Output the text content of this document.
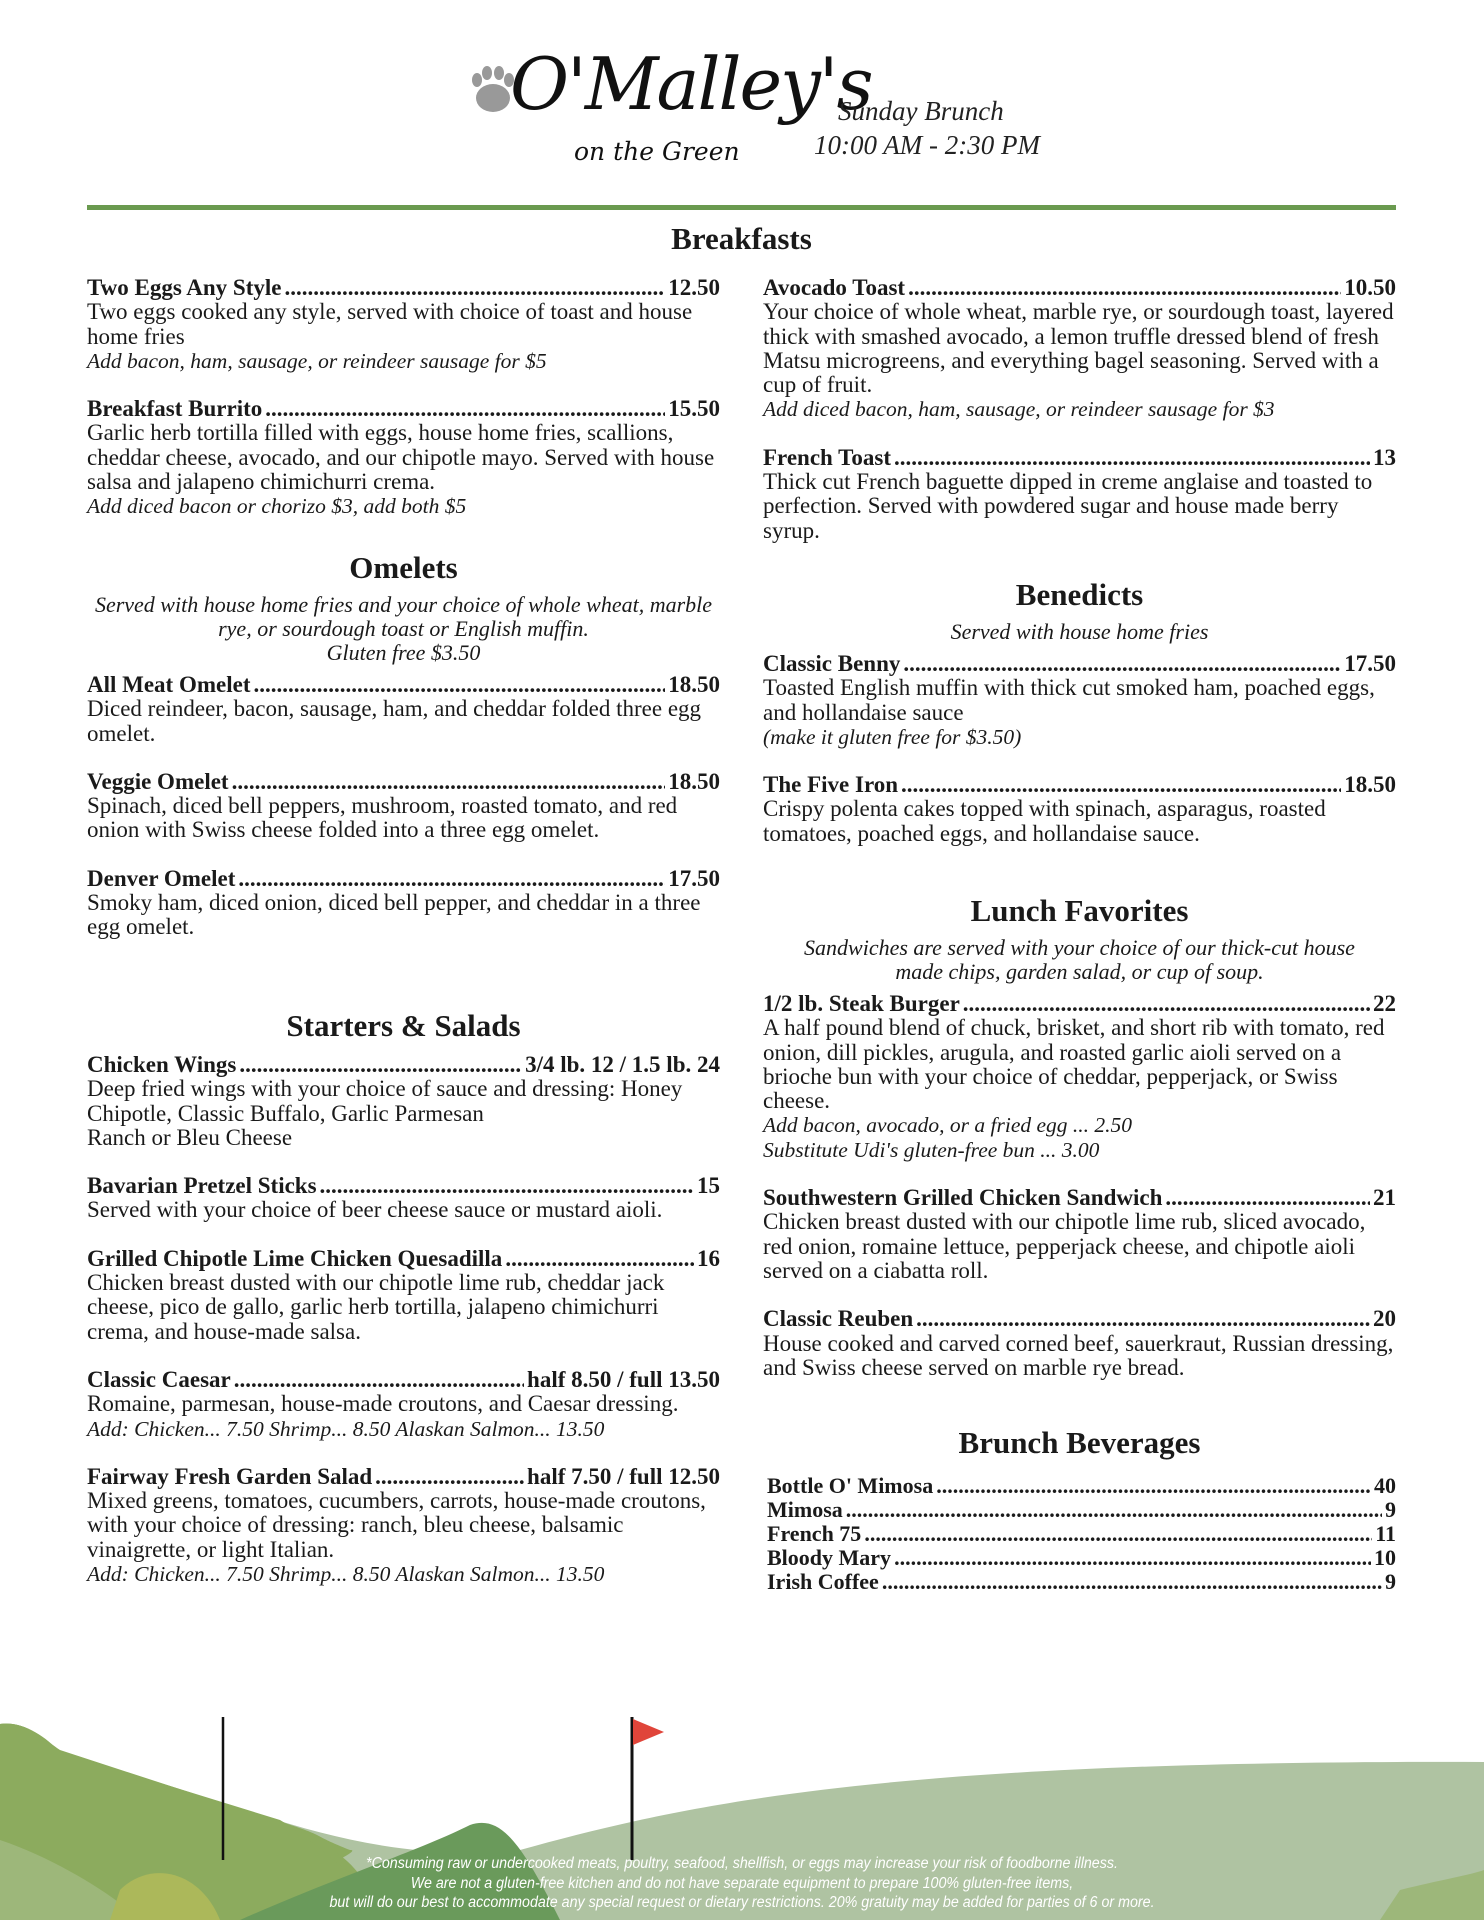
O'Malley's
on the Green
Sunday Brunch
10:00 AM - 2:30 PM
Breakfasts
Two Eggs Any Style .....	12.50
Two eggs cooked any style, served with choice of toast and house home fries
Add bacon, ham, sausage, or reindeer sausage for $5
Breakfast Burrito .....	15.50
Garlic herb tortilla filled with eggs, house home fries, scallions, cheddar cheese, avocado, and our chipotle mayo. Served with house salsa and jalapeno chimichurri crema.
Add diced bacon or chorizo $3, add both $5
Avocado Toast .....	10.50
Your choice of whole wheat, marble rye, or sourdough toast, layered thick with smashed avocado, a lemon truffle dressed blend of fresh Matsu microgreens, and everything bagel seasoning. Served with a cup of fruit.
Add diced bacon, ham, sausage, or reindeer sausage for $3
French Toast .....	13
Thick cut French baguette dipped in creme anglaise and toasted to perfection. Served with powdered sugar and house made berry syrup.
Omelets
Served with house home fries and your choice of whole wheat, marble rye, or sourdough toast or English muffin.
Gluten free $3.50
All Meat Omelet .....	18.50
Diced reindeer, bacon, sausage, ham, and cheddar folded three egg omelet.
Veggie Omelet .....	18.50
Spinach, diced bell peppers, mushroom, roasted tomato, and red onion with Swiss cheese folded into a three egg omelet.
Denver Omelet .....	17.50
Smoky ham, diced onion, diced bell pepper, and cheddar in a three egg omelet.
Starters & Salads
Chicken Wings .....	3/4 lb. 12 / 1.5 lb. 24
Deep fried wings with your choice of sauce and dressing: Honey Chipotle, Classic Buffalo, Garlic Parmesan
Ranch or Bleu Cheese
Bavarian Pretzel Sticks .....	15
Served with your choice of beer cheese sauce or mustard aioli.
Grilled Chipotle Lime Chicken Quesadilla .....	16
Chicken breast dusted with our chipotle lime rub, cheddar jack cheese, pico de gallo, garlic herb tortilla, jalapeno chimichurri crema, and house-made salsa.
Classic Caesar .....	half 8.50 / full 13.50
Romaine, parmesan, house-made croutons, and Caesar dressing.
Add: Chicken... 7.50 Shrimp... 8.50 Alaskan Salmon... 13.50
Fairway Fresh Garden Salad .....	half 7.50 / full 12.50
Mixed greens, tomatoes, cucumbers, carrots, house-made croutons, with your choice of dressing: ranch, bleu cheese, balsamic vinaigrette, or light Italian.
Add: Chicken... 7.50 Shrimp... 8.50 Alaskan Salmon... 13.50
Benedicts
Served with house home fries
Classic Benny .....	17.50
Toasted English muffin with thick cut smoked ham, poached eggs, and hollandaise sauce
(make it gluten free for $3.50)
The Five Iron .....	18.50
Crispy polenta cakes topped with spinach, asparagus, roasted tomatoes, poached eggs, and hollandaise sauce.
Lunch Favorites
Sandwiches are served with your choice of our thick-cut house made chips, garden salad, or cup of soup.
1/2 lb. Steak Burger .....	22
A half pound blend of chuck, brisket, and short rib with tomato, red onion, dill pickles, arugula, and roasted garlic aioli served on a brioche bun with your choice of cheddar, pepperjack, or Swiss cheese.
Add bacon, avocado, or a fried egg ... 2.50
Substitute Udi's gluten-free bun ... 3.00
Southwestern Grilled Chicken Sandwich .....	21
Chicken breast dusted with our chipotle lime rub, sliced avocado, red onion, romaine lettuce, pepperjack cheese, and chipotle aioli served on a ciabatta roll.
Classic Reuben .....	20
House cooked and carved corned beef, sauerkraut, Russian dressing, and Swiss cheese served on marble rye bread.
Brunch Beverages
Bottle O' Mimosa .....	40
Mimosa .....	9
French 75 .....	11
Bloody Mary .....	10
Irish Coffee .....	9
*Consuming raw or undercooked meats, poultry, seafood, shellfish, or eggs may increase your risk of foodborne illness.
We are not a gluten-free kitchen and do not have separate equipment to prepare 100% gluten-free items,
but will do our best to accommodate any special request or dietary restrictions. 20% gratuity may be added for parties of 6 or more.
